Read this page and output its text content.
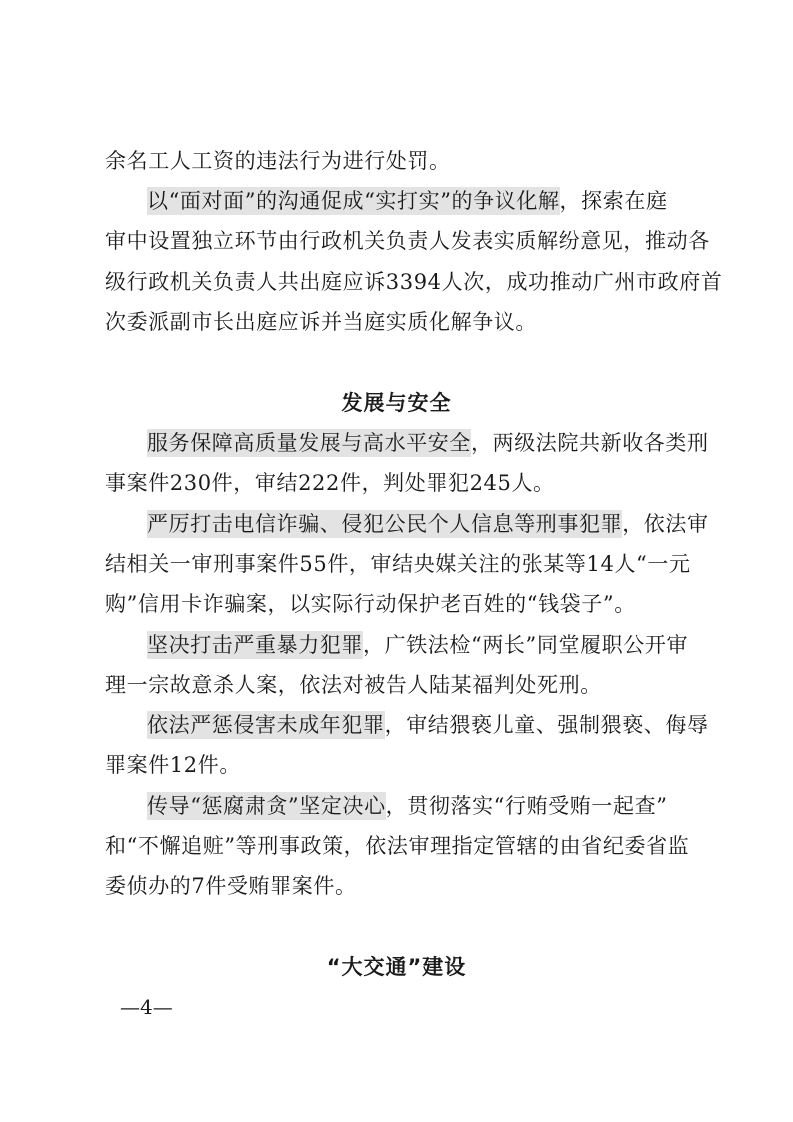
余名工人工资的违法行为进行处罚。
以“面对面”的沟通促成“实打实”的争议化解，探索在庭
审中设置独立环节由行政机关负责人发表实质解纷意见，推动各
级行政机关负责人共出庭应诉3394人次，成功推动广州市政府首
次委派副市长出庭应诉并当庭实质化解争议。
发展与安全
服务保障高质量发展与高水平安全，两级法院共新收各类刑
事案件230件，审结222件，判处罪犯245人。
严厉打击电信诈骗、侵犯公民个人信息等刑事犯罪，依法审
结相关一审刑事案件55件，审结央媒关注的张某等14人“一元
购”信用卡诈骗案，以实际行动保护老百姓的“钱袋子”。
坚决打击严重暴力犯罪，广铁法检“两长”同堂履职公开审
理一宗故意杀人案，依法对被告人陆某福判处死刑。
依法严惩侵害未成年犯罪，审结猥亵儿童、强制猥亵、侮辱
罪案件12件。
传导“惩腐肃贪”坚定决心，贯彻落实“行贿受贿一起查”
和“不懈追赃”等刑事政策，依法审理指定管辖的由省纪委省监
委侦办的7件受贿罪案件。
“大交通”建设
—4—
